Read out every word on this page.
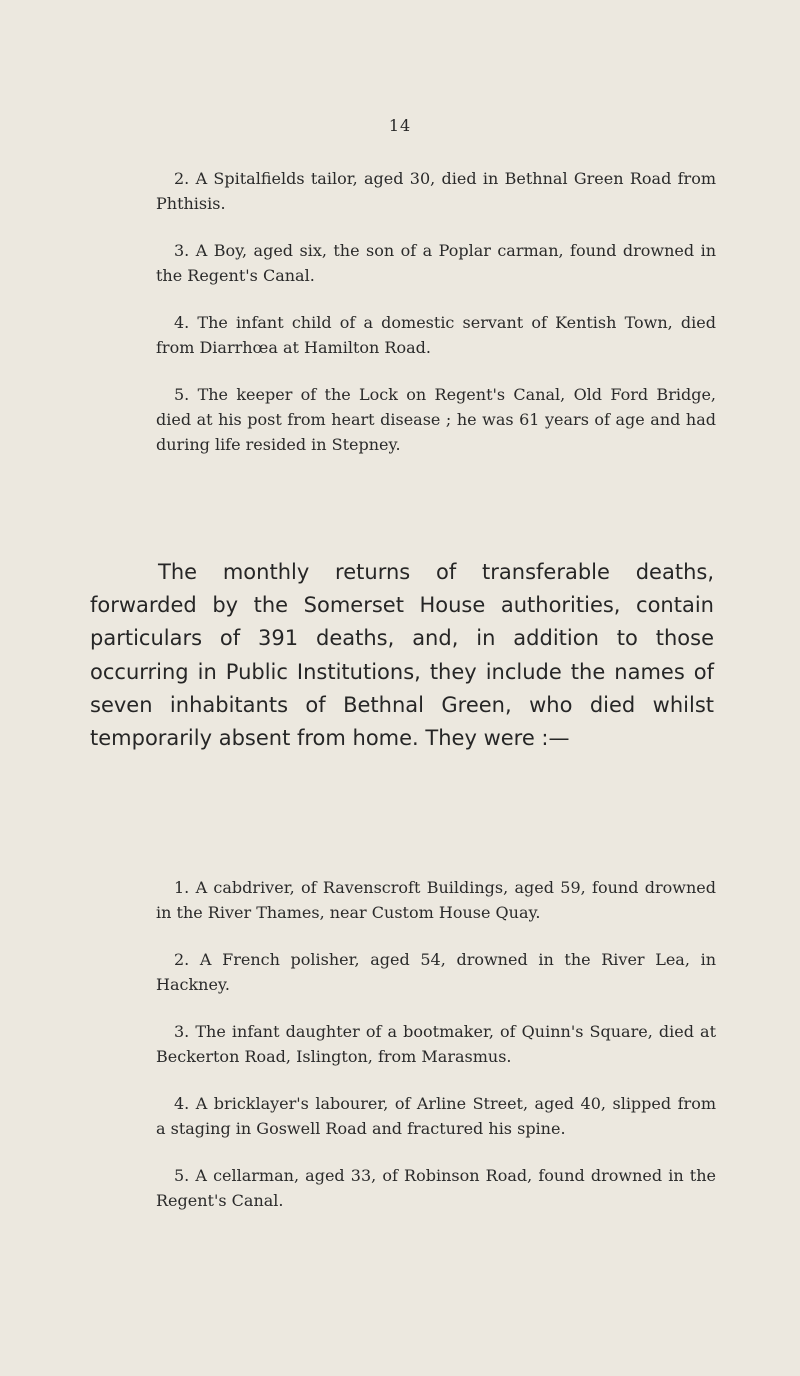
14

2. A Spitalfields tailor, aged 30, died in Bethnal Green Road from Phthisis.

3. A Boy, aged six, the son of a Poplar carman, found drowned in the Regent's Canal.

4. The infant child of a domestic servant of Kentish Town, died from Diarrhœa at Hamilton Road.

5. The keeper of the Lock on Regent's Canal, Old Ford Bridge, died at his post from heart disease ; he was 61 years of age and had during life resided in Stepney.

The monthly returns of transferable deaths, forwarded by the Somerset House authorities, contain particulars of 391 deaths, and, in addition to those occurring in Public Institutions, they include the names of seven inhabitants of Bethnal Green, who died whilst temporarily absent from home. They were :—

1. A cabdriver, of Ravenscroft Buildings, aged 59, found drowned in the River Thames, near Custom House Quay.

2. A French polisher, aged 54, drowned in the River Lea, in Hackney.

3. The infant daughter of a bootmaker, of Quinn's Square, died at Beckerton Road, Islington, from Marasmus.

4. A bricklayer's labourer, of Arline Street, aged 40, slipped from a staging in Goswell Road and fractured his spine.

5. A cellarman, aged 33, of Robinson Road, found drowned in the Regent's Canal.
